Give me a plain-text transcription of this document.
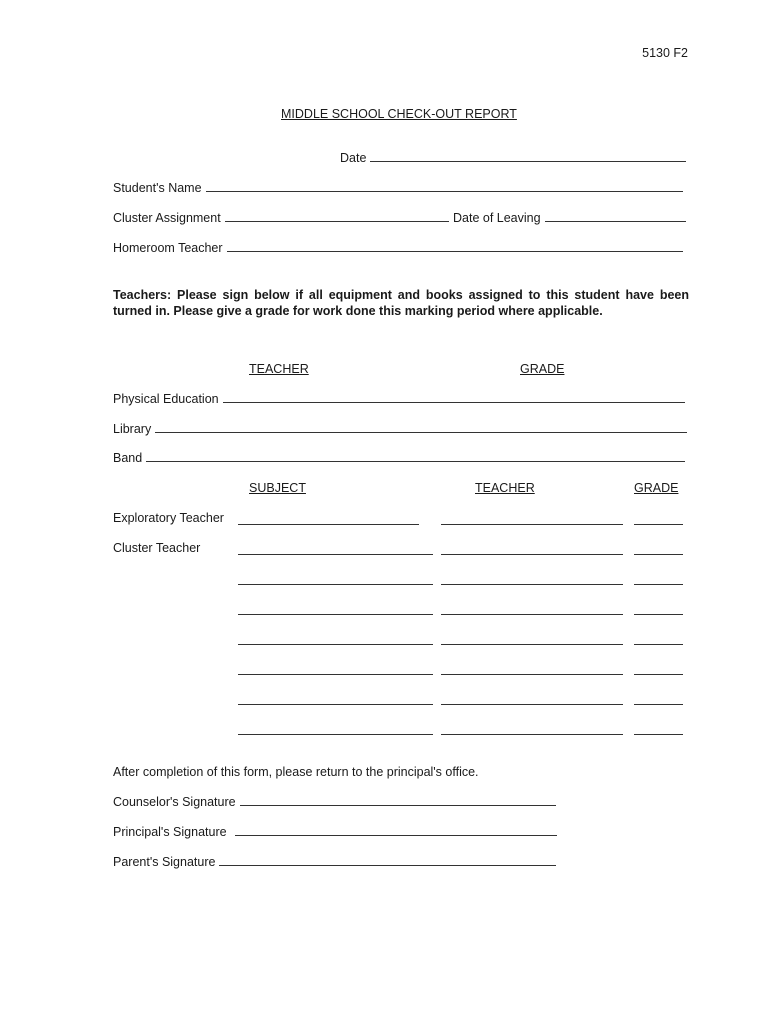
5130 F2
MIDDLE SCHOOL CHECK-OUT REPORT
Date
Student's Name
Cluster Assignment	Date of Leaving
Homeroom Teacher
Teachers: Please sign below if all equipment and books assigned to this student have been turned in. Please give a grade for work done this marking period where applicable.
TEACHER	GRADE
Physical Education
Library
Band
SUBJECT	TEACHER	GRADE
Exploratory Teacher
Cluster Teacher
After completion of this form, please return to the principal's office.
Counselor's Signature
Principal's Signature
Parent's Signature
